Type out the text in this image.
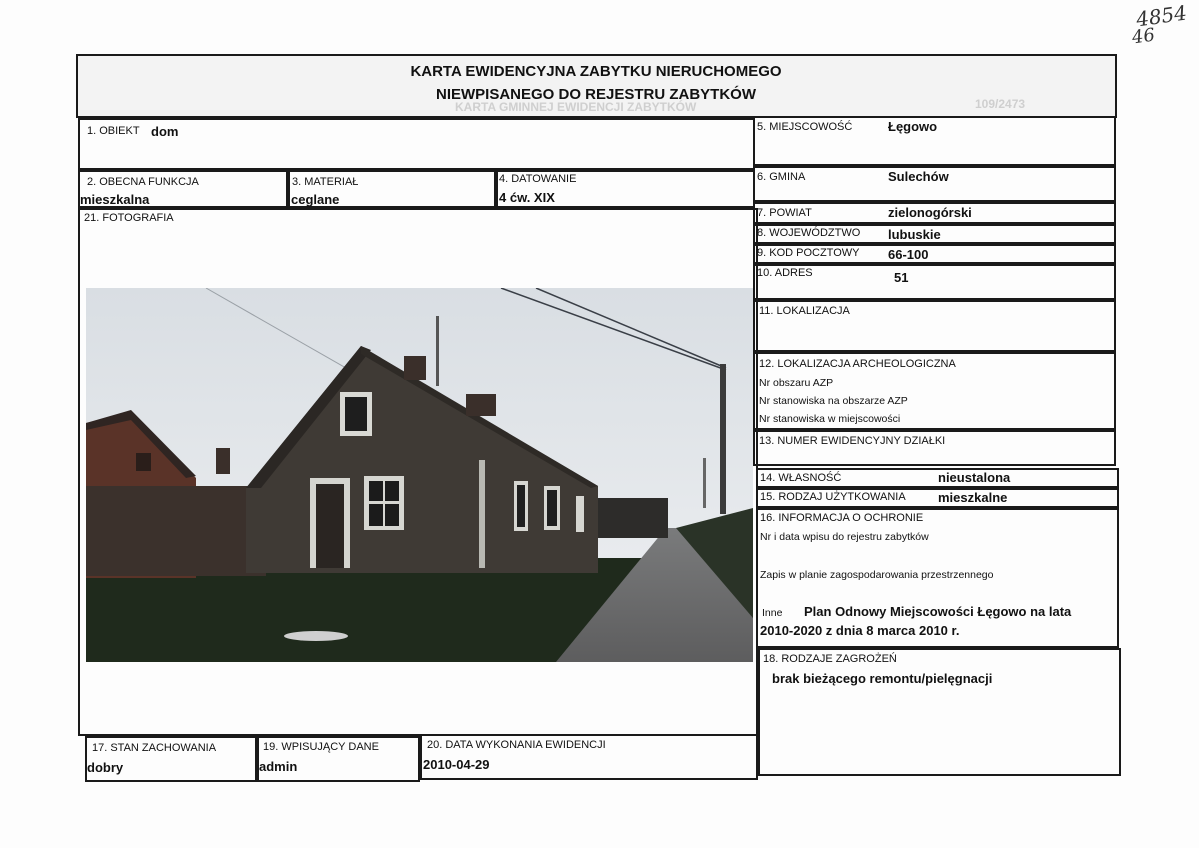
4854
46
KARTA GMINNEJ EWIDENCJI ZABYTKÓW	109/2473
KARTA EWIDENCYJNA ZABYTKU NIERUCHOMEGO
NIEWPISANEGO DO REJESTRU ZABYTKÓW
1. OBIEKT dom
2. OBECNA FUNKCJA
mieszkalna
3. MATERIAŁ
ceglane
4. DATOWANIE
4 ćw. XIX
21. FOTOGRAFIA
17. STAN ZACHOWANIA
dobry
19. WPISUJĄCY DANE
admin
20. DATA WYKONANIA EWIDENCJI
2010-04-29
5. MIEJSCOWOŚĆ	Łęgowo
6. GMINA	Sulechów
7. POWIAT	zielonogórski
8. WOJEWÓDZTWO lubuskie
9. KOD POCZTOWY 66-100
10. ADRES	51
11. LOKALIZACJA
12. LOKALIZACJA ARCHEOLOGICZNA
Nr obszaru AZP
Nr stanowiska na obszarze AZP
Nr stanowiska w miejscowości
13. NUMER EWIDENCYJNY DZIAŁKI
14. WŁASNOŚĆ	nieustalona
15. RODZAJ UŻYTKOWANIA mieszkalne
16. INFORMACJA O OCHRONIE
Nr i data wpisu do rejestru zabytków
Zapis w planie zagospodarowania przestrzennego
Inne Plan Odnowy Miejscowości Łęgowo na lata
2010-2020 z dnia 8 marca 2010 r.
18. RODZAJE ZAGROŻEŃ
brak bieżącego remontu/pielęgnacji
